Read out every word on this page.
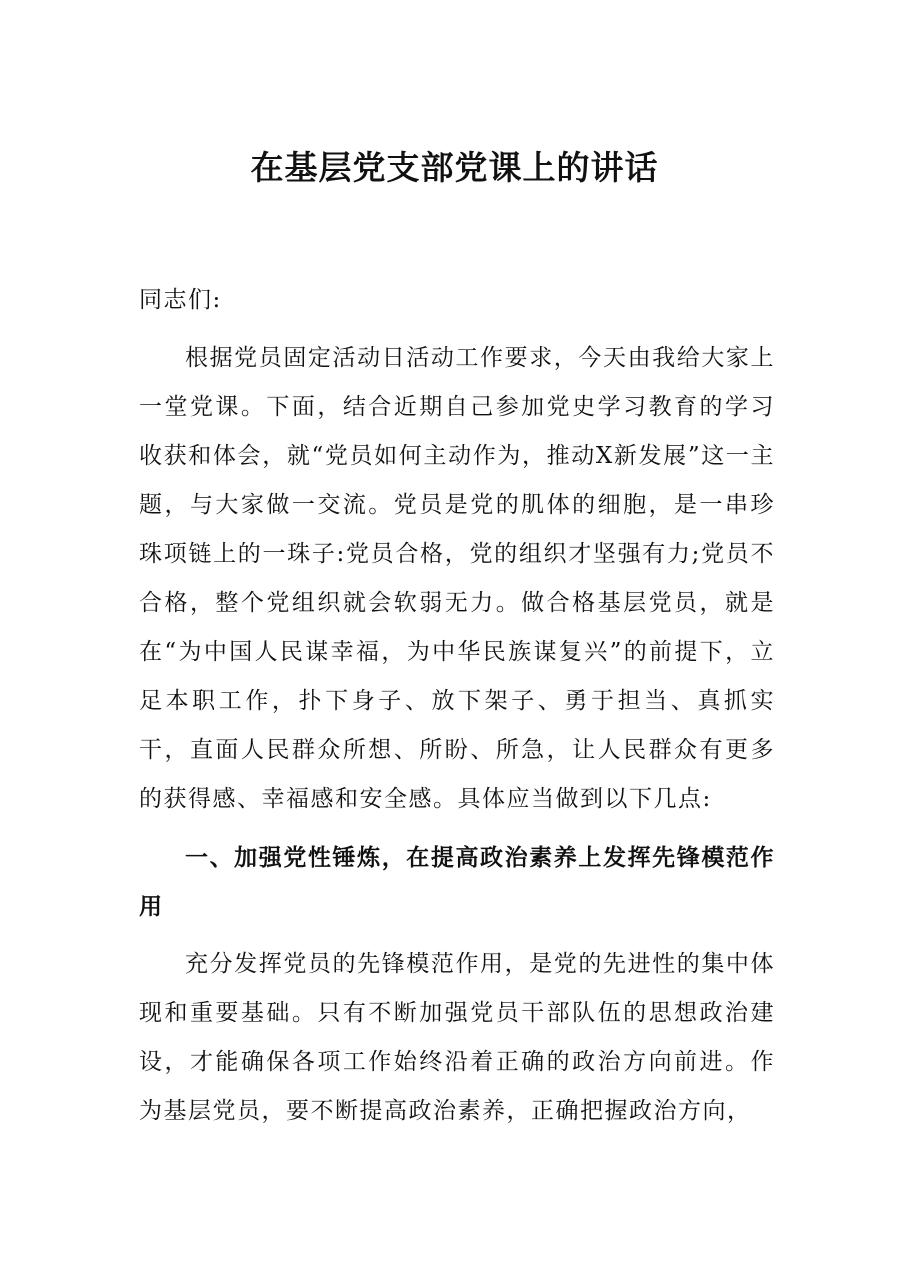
在基层党支部党课上的讲话

同志们:

根据党员固定活动日活动工作要求，今天由我给大家上一堂党课。下面，结合近期自己参加党史学习教育的学习收获和体会，就“党员如何主动作为，推动X新发展”这一主题，与大家做一交流。党员是党的肌体的细胞，是一串珍珠项链上的一珠子:党员合格，党的组织才坚强有力;党员不合格，整个党组织就会软弱无力。做合格基层党员，就是在“为中国人民谋幸福，为中华民族谋复兴”的前提下，立足本职工作，扑下身子、放下架子、勇于担当、真抓实干，直面人民群众所想、所盼、所急，让人民群众有更多的获得感、幸福感和安全感。具体应当做到以下几点:

一、加强党性锤炼，在提高政治素养上发挥先锋模范作用

充分发挥党员的先锋模范作用，是党的先进性的集中体现和重要基础。只有不断加强党员干部队伍的思想政治建设，才能确保各项工作始终沿着正确的政治方向前进。作为基层党员，要不断提高政治素养，正确把握政治方向，
